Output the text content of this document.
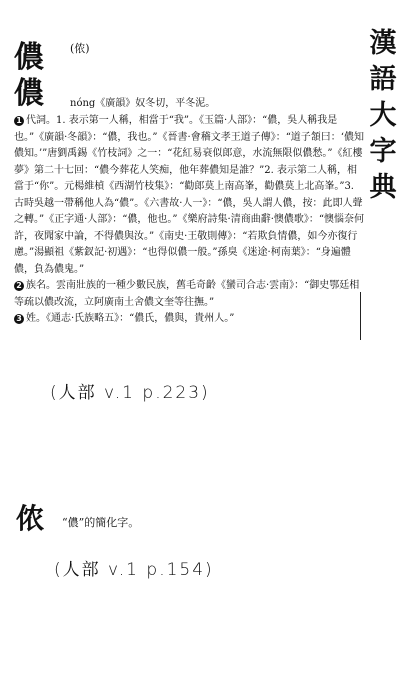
漢
語
大
字
典
儂 (侬)
儂	nóng《廣韻》奴冬切，平冬泥。

1 代詞。1. 表示第一人稱，相當于“我”。《玉篇·人部》：“儂，吳人稱我是也。”《廣韻·冬韻》：“儂，我也。”《晉書·會稽文孝王道子傳》：“道子頷曰：‘儂知儂知。’”唐劉禹錫《竹枝詞》之一：“花紅易衰似郎意，水流無限似儂愁。”《紅樓夢》第二十七回：“儂今葬花人笑痴，他年葬儂知是誰？”2. 表示第二人稱，相當于“你”。元楊維楨《西湖竹枝集》：“勸郎莫上南高峯，勸儂莫上北高峯。”3. 古時吳越一帶稱他人為“儂”。《六書故·人一》：“儂，吳人謂人儂，按：此即人聲之轉。”《正字通·人部》：“儂，他也。”《樂府詩集·清商曲辭·懊儂歌》：“懊惱奈何許，夜聞家中論，不得儂與汝。”《南史·王敬則傳》：“若欺負情儂，如今亦復行慮。”湯顯祖《紫釵記·初遇》：“也得似儂一般。”孫臭《迷途·柯南葉》：“身遍體儂，負為儂鬼。”

2 族名。雲南壯族的一種少數民族，舊毛奇齡《蠻司合志·雲南》：“御史鄂廷相等疏以儂改流，立阿廣南土舍儂文奎等往撫。”

3 姓。《通志·氏族略五》：“儂氏，儂與，貴州人。”

(人部 v.1 p.223)
侬 “儂”的簡化字。
(人部 v.1 p.154)
